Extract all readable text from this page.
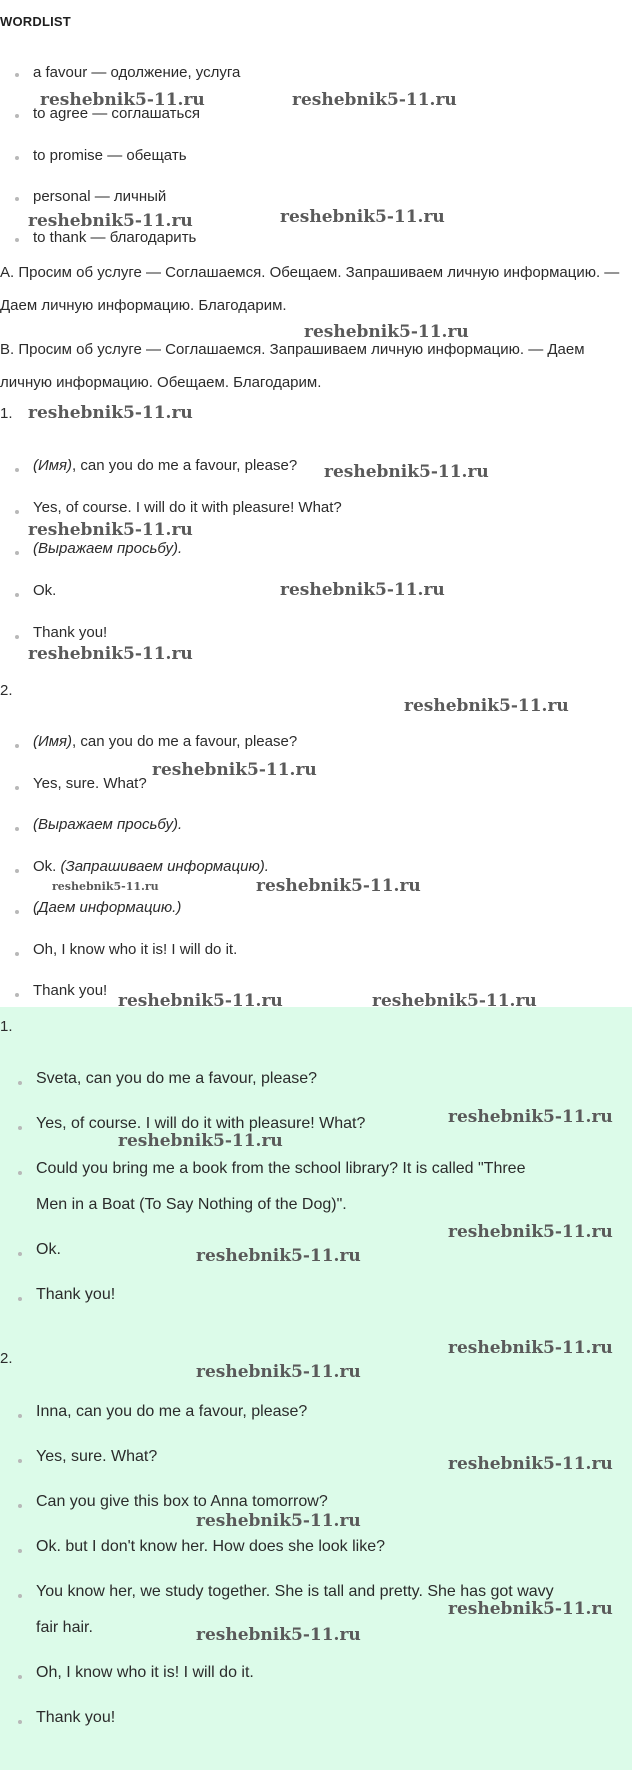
WORDLIST
a favour — одолжение, услуга
to agree — соглашаться
to promise — обещать
personal — личный
to thank — благодарить
A. Просим об услуге — Соглашаемся. Обещаем. Запрашиваем личную информацию. — Даем личную информацию. Благодарим.
B. Просим об услуге — Соглашаемся. Запрашиваем личную информацию. — Даем личную информацию. Обещаем. Благодарим.
1.
(Имя), can you do me a favour, please?
Yes, of course. I will do it with pleasure! What?
(Выражаем просьбу).
Ok.
Thank you!
2.
(Имя), can you do me a favour, please?
Yes, sure. What?
(Выражаем просьбу).
Ok. (Запрашиваем информацию).
(Даем информацию.)
Oh, I know who it is! I will do it.
Thank you!
1.
Sveta, can you do me a favour, please?
Yes, of course. I will do it with pleasure! What?
Could you bring me a book from the school library? It is called "Three
Men in a Boat (To Say Nothing of the Dog)".
Ok.
Thank you!
2.
Inna, can you do me a favour, please?
Yes, sure. What?
Can you give this box to Anna tomorrow?
Ok. but I don't know her. How does she look like?
You know her, we study together. She is tall and pretty. She has got wavy
fair hair.
Oh, I know who it is! I will do it.
Thank you!
reshebnik5-11.ru	reshebnik5-11.ru
reshebnik5-11.ru	reshebnik5-11.ru
reshebnik5-11.ru
reshebnik5-11.ru
reshebnik5-11.ru
reshebnik5-11.ru
reshebnik5-11.ru
reshebnik5-11.ru
reshebnik5-11.ru
reshebnik5-11.ru
reshebnik5-11.ru	reshebnik5-11.ru
reshebnik5-11.ru	reshebnik5-11.ru
reshebnik5-11.ru
reshebnik5-11.ru
reshebnik5-11.ru
reshebnik5-11.ru
reshebnik5-11.ru
reshebnik5-11.ru
reshebnik5-11.ru
reshebnik5-11.ru
reshebnik5-11.ru
reshebnik5-11.ru
